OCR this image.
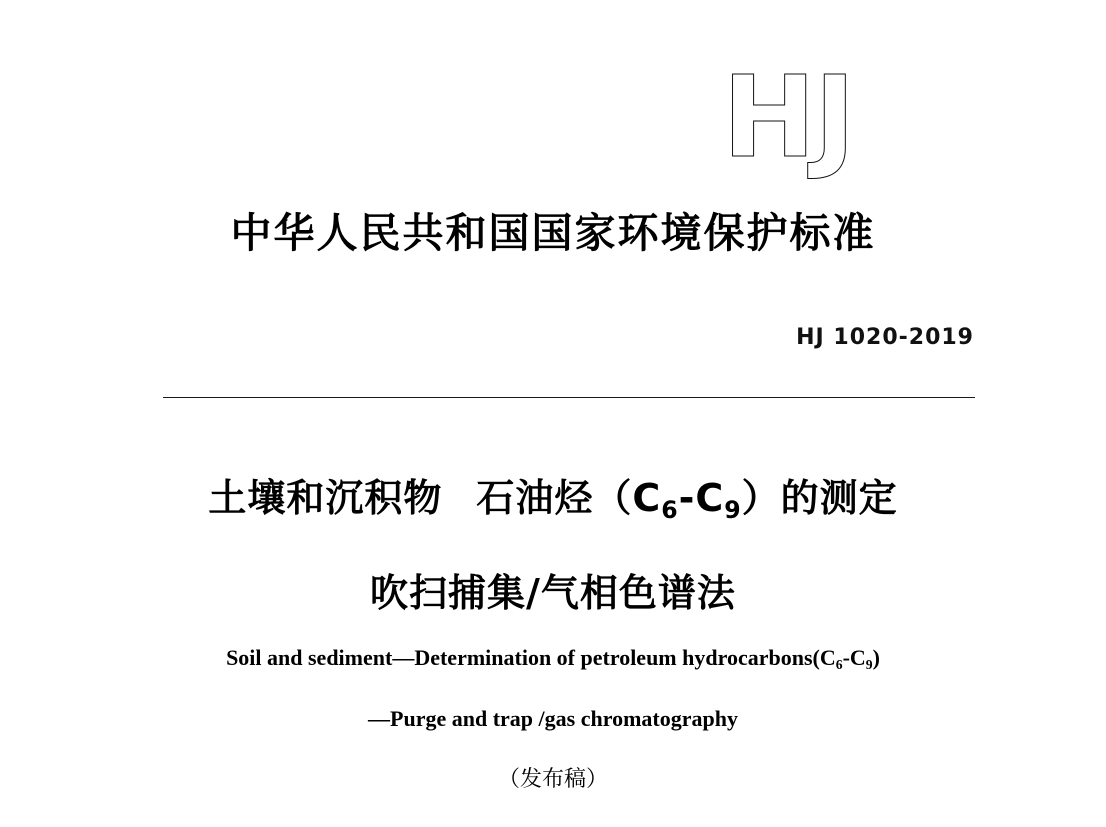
HJ
中华人民共和国国家环境保护标准
HJ 1020-2019
土壤和沉积物 石油烃$(C_6-C_9)$的测定
吹扫捕集/气相色谱法
Soil and sediment—Determination of petroleum $hydrocarbons(C_6-C_9)$
—Purge and trap /gas chromatography
（发布稿）
